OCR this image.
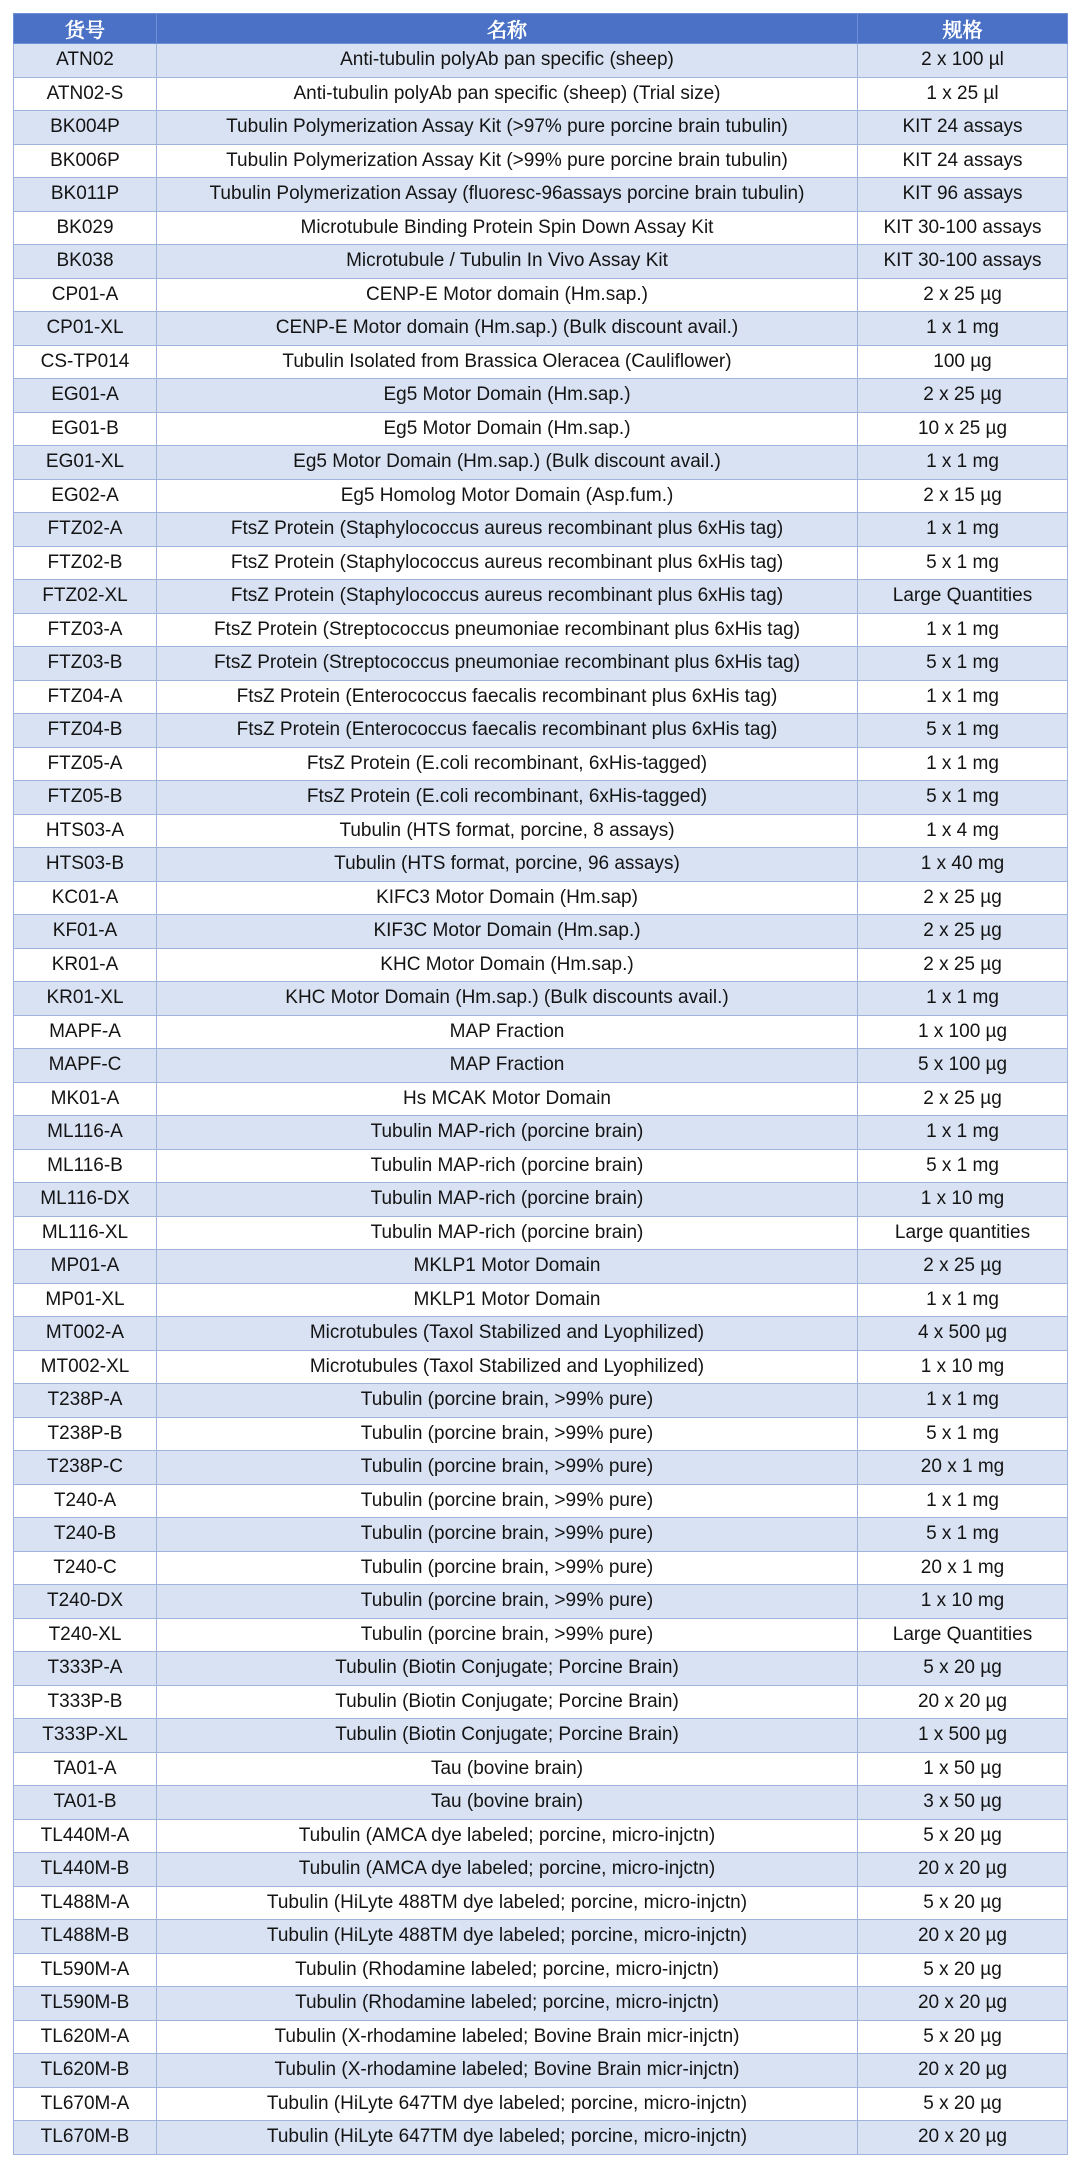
货号	名称	规格
ATN02	Anti-tubulin polyAb pan specific (sheep)	2 x 100 µl
ATN02-S	Anti-tubulin polyAb pan specific (sheep) (Trial size)	1 x 25 µl
BK004P	Tubulin Polymerization Assay Kit (>97% pure porcine brain tubulin)	KIT 24 assays
BK006P	Tubulin Polymerization Assay Kit (>99% pure porcine brain tubulin)	KIT 24 assays
BK011P	Tubulin Polymerization Assay (fluoresc-96assays porcine brain tubulin)	KIT 96 assays
BK029	Microtubule Binding Protein Spin Down Assay Kit	KIT 30-100 assays
BK038	Microtubule / Tubulin In Vivo Assay Kit	KIT 30-100 assays
CP01-A	CENP-E Motor domain (Hm.sap.)	2 x 25 µg
CP01-XL	CENP-E Motor domain (Hm.sap.) (Bulk discount avail.)	1 x 1 mg
CS-TP014	Tubulin Isolated from Brassica Oleracea (Cauliflower)	100 µg
EG01-A	Eg5 Motor Domain (Hm.sap.)	2 x 25 µg
EG01-B	Eg5 Motor Domain (Hm.sap.)	10 x 25 µg
EG01-XL	Eg5 Motor Domain (Hm.sap.) (Bulk discount avail.)	1 x 1 mg
EG02-A	Eg5 Homolog Motor Domain (Asp.fum.)	2 x 15 µg
FTZ02-A	FtsZ Protein (Staphylococcus aureus recombinant plus 6xHis tag)	1 x 1 mg
FTZ02-B	FtsZ Protein (Staphylococcus aureus recombinant plus 6xHis tag)	5 x 1 mg
FTZ02-XL	FtsZ Protein (Staphylococcus aureus recombinant plus 6xHis tag)	Large Quantities
FTZ03-A	FtsZ Protein (Streptococcus pneumoniae recombinant plus 6xHis tag)	1 x 1 mg
FTZ03-B	FtsZ Protein (Streptococcus pneumoniae recombinant plus 6xHis tag)	5 x 1 mg
FTZ04-A	FtsZ Protein (Enterococcus faecalis recombinant plus 6xHis tag)	1 x 1 mg
FTZ04-B	FtsZ Protein (Enterococcus faecalis recombinant plus 6xHis tag)	5 x 1 mg
FTZ05-A	FtsZ Protein (E.coli recombinant, 6xHis-tagged)	1 x 1 mg
FTZ05-B	FtsZ Protein (E.coli recombinant, 6xHis-tagged)	5 x 1 mg
HTS03-A	Tubulin (HTS format, porcine, 8 assays)	1 x 4 mg
HTS03-B	Tubulin (HTS format, porcine, 96 assays)	1 x 40 mg
KC01-A	KIFC3 Motor Domain (Hm.sap)	2 x 25 µg
KF01-A	KIF3C Motor Domain (Hm.sap.)	2 x 25 µg
KR01-A	KHC Motor Domain (Hm.sap.)	2 x 25 µg
KR01-XL	KHC Motor Domain (Hm.sap.) (Bulk discounts avail.)	1 x 1 mg
MAPF-A	MAP Fraction	1 x 100 µg
MAPF-C	MAP Fraction	5 x 100 µg
MK01-A	Hs MCAK Motor Domain	2 x 25 µg
ML116-A	Tubulin MAP-rich (porcine brain)	1 x 1 mg
ML116-B	Tubulin MAP-rich (porcine brain)	5 x 1 mg
ML116-DX	Tubulin MAP-rich (porcine brain)	1 x 10 mg
ML116-XL	Tubulin MAP-rich (porcine brain)	Large quantities
MP01-A	MKLP1 Motor Domain	2 x 25 µg
MP01-XL	MKLP1 Motor Domain	1 x 1 mg
MT002-A	Microtubules (Taxol Stabilized and Lyophilized)	4 x 500 µg
MT002-XL	Microtubules (Taxol Stabilized and Lyophilized)	1 x 10 mg
T238P-A	Tubulin (porcine brain, >99% pure)	1 x 1 mg
T238P-B	Tubulin (porcine brain, >99% pure)	5 x 1 mg
T238P-C	Tubulin (porcine brain, >99% pure)	20 x 1 mg
T240-A	Tubulin (porcine brain, >99% pure)	1 x 1 mg
T240-B	Tubulin (porcine brain, >99% pure)	5 x 1 mg
T240-C	Tubulin (porcine brain, >99% pure)	20 x 1 mg
T240-DX	Tubulin (porcine brain, >99% pure)	1 x 10 mg
T240-XL	Tubulin (porcine brain, >99% pure)	Large Quantities
T333P-A	Tubulin (Biotin Conjugate; Porcine Brain)	5 x 20 µg
T333P-B	Tubulin (Biotin Conjugate; Porcine Brain)	20 x 20 µg
T333P-XL	Tubulin (Biotin Conjugate; Porcine Brain)	1 x 500 µg
TA01-A	Tau (bovine brain)	1 x 50 µg
TA01-B	Tau (bovine brain)	3 x 50 µg
TL440M-A	Tubulin (AMCA dye labeled; porcine, micro-injctn)	5 x 20 µg
TL440M-B	Tubulin (AMCA dye labeled; porcine, micro-injctn)	20 x 20 µg
TL488M-A	Tubulin (HiLyte 488TM dye labeled; porcine, micro-injctn)	5 x 20 µg
TL488M-B	Tubulin (HiLyte 488TM dye labeled; porcine, micro-injctn)	20 x 20 µg
TL590M-A	Tubulin (Rhodamine labeled; porcine, micro-injctn)	5 x 20 µg
TL590M-B	Tubulin (Rhodamine labeled; porcine, micro-injctn)	20 x 20 µg
TL620M-A	Tubulin (X-rhodamine labeled; Bovine Brain micr-injctn)	5 x 20 µg
TL620M-B	Tubulin (X-rhodamine labeled; Bovine Brain micr-injctn)	20 x 20 µg
TL670M-A	Tubulin (HiLyte 647TM dye labeled; porcine, micro-injctn)	5 x 20 µg
TL670M-B	Tubulin (HiLyte 647TM dye labeled; porcine, micro-injctn)	20 x 20 µg
